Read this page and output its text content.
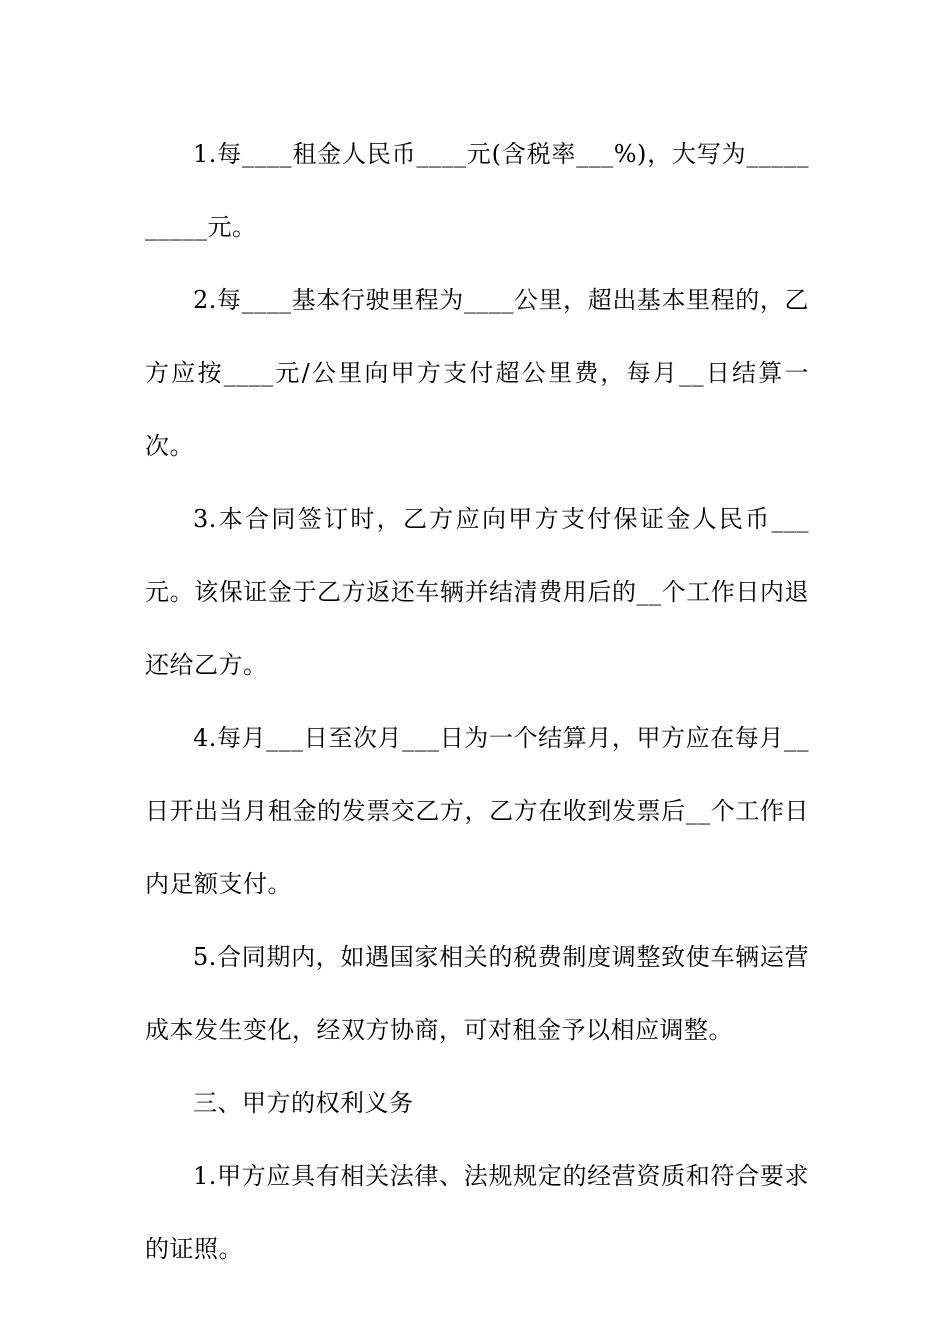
1.每____租金人民币____元(含税率___%)，大写为__________元。

2.每____基本行驶里程为____公里，超出基本里程的，乙方应按____元/公里向甲方支付超公里费，每月__日结算一次。

3.本合同签订时，乙方应向甲方支付保证金人民币___元。该保证金于乙方返还车辆并结清费用后的__个工作日内退还给乙方。

4.每月___日至次月___日为一个结算月，甲方应在每月__日开出当月租金的发票交乙方，乙方在收到发票后__个工作日内足额支付。

5.合同期内，如遇国家相关的税费制度调整致使车辆运营成本发生变化，经双方协商，可对租金予以相应调整。

三、甲方的权利义务

1.甲方应具有相关法律、法规规定的经营资质和符合要求的证照。
